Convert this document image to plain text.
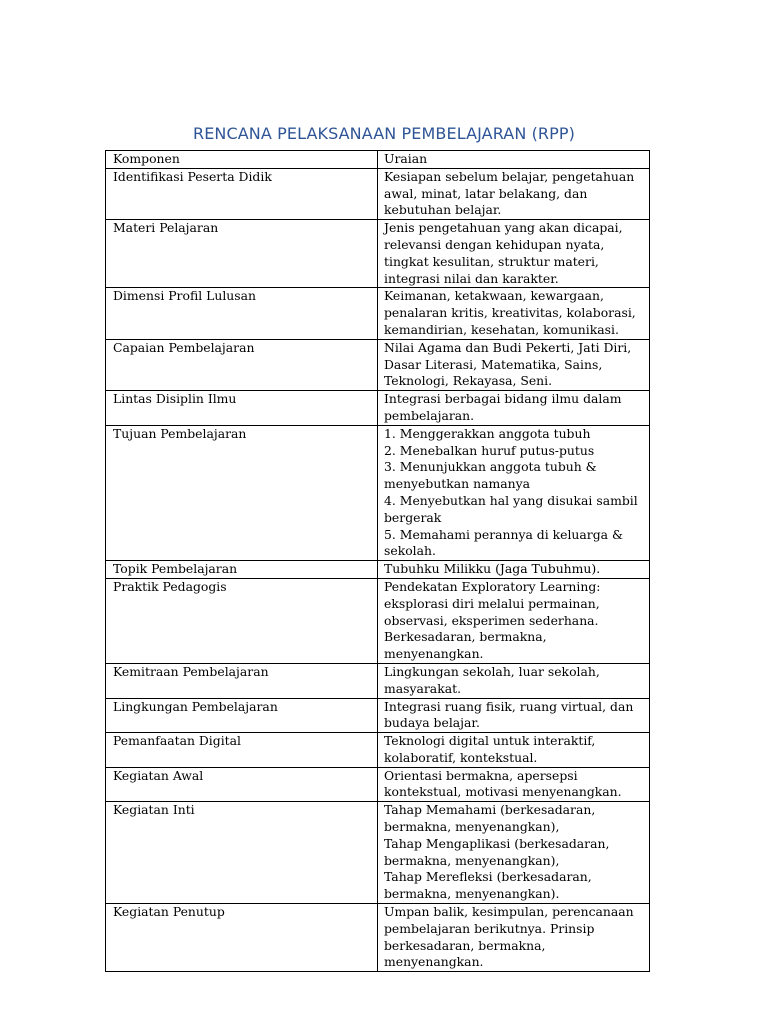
RENCANA PELAKSANAAN PEMBELAJARAN (RPP)
Komponen	Uraian
Identifikasi Peserta Didik	Kesiapan sebelum belajar, pengetahuan awal, minat, latar belakang, dan kebutuhan belajar.
Materi Pelajaran	Jenis pengetahuan yang akan dicapai, relevansi dengan kehidupan nyata, tingkat kesulitan, struktur materi, integrasi nilai dan karakter.
Dimensi Profil Lulusan	Keimanan, ketakwaan, kewargaan, penalaran kritis, kreativitas, kolaborasi, kemandirian, kesehatan, komunikasi.
Capaian Pembelajaran	Nilai Agama dan Budi Pekerti, Jati Diri, Dasar Literasi, Matematika, Sains, Teknologi, Rekayasa, Seni.
Lintas Disiplin Ilmu	Integrasi berbagai bidang ilmu dalam pembelajaran.
Tujuan Pembelajaran	1. Menggerakkan anggota tubuh
2. Menebalkan huruf putus-putus
3. Menunjukkan anggota tubuh & menyebutkan namanya
4. Menyebutkan hal yang disukai sambil bergerak
5. Memahami perannya di keluarga & sekolah.
Topik Pembelajaran	Tubuhku Milikku (Jaga Tubuhmu).
Praktik Pedagogis	Pendekatan Exploratory Learning: eksplorasi diri melalui permainan, observasi, eksperimen sederhana. Berkesadaran, bermakna, menyenangkan.
Kemitraan Pembelajaran	Lingkungan sekolah, luar sekolah, masyarakat.
Lingkungan Pembelajaran	Integrasi ruang fisik, ruang virtual, dan budaya belajar.
Pemanfaatan Digital	Teknologi digital untuk interaktif, kolaboratif, kontekstual.
Kegiatan Awal	Orientasi bermakna, apersepsi kontekstual, motivasi menyenangkan.
Kegiatan Inti	Tahap Memahami (berkesadaran, bermakna, menyenangkan),
Tahap Mengaplikasi (berkesadaran, bermakna, menyenangkan),
Tahap Merefleksi (berkesadaran, bermakna, menyenangkan).
Kegiatan Penutup	Umpan balik, kesimpulan, perencanaan pembelajaran berikutnya. Prinsip berkesadaran, bermakna, menyenangkan.
